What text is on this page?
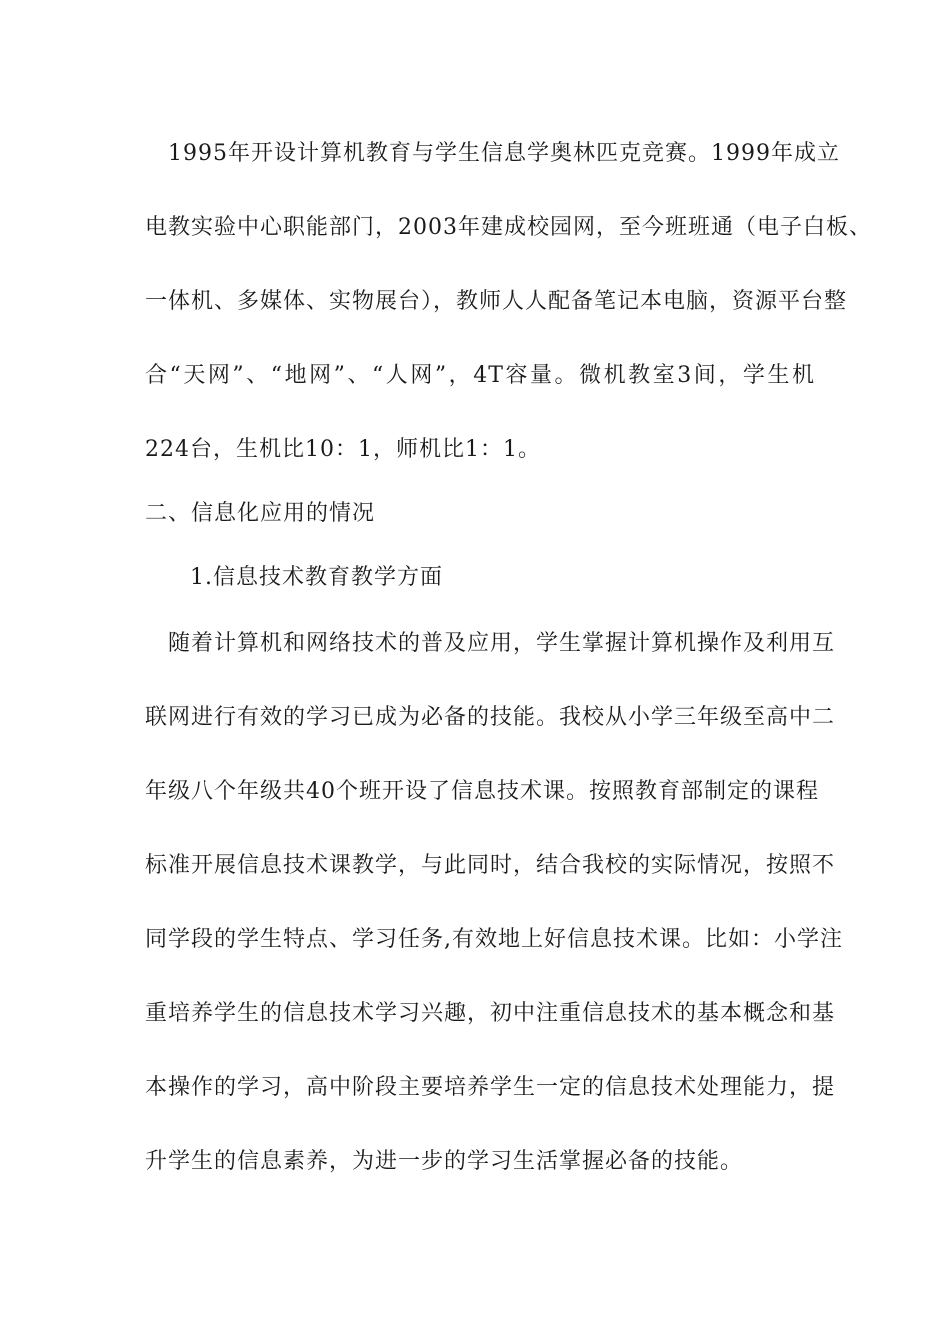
1995年开设计算机教育与学生信息学奥林匹克竞赛。1999年成立
电教实验中心职能部门，2003年建成校园网，至今班班通（电子白板、
一体机、多媒体、实物展台），教师人人配备笔记本电脑，资源平台整
合“天网”、“地网”、“人网”，4T容量。微机教室3间，学生机
224台，生机比10：1，师机比1：1。
二、信息化应用的情况
1.信息技术教育教学方面
随着计算机和网络技术的普及应用，学生掌握计算机操作及利用互
联网进行有效的学习已成为必备的技能。我校从小学三年级至高中二
年级八个年级共40个班开设了信息技术课。按照教育部制定的课程
标准开展信息技术课教学，与此同时，结合我校的实际情况，按照不
同学段的学生特点、学习任务,有效地上好信息技术课。比如：小学注
重培养学生的信息技术学习兴趣，初中注重信息技术的基本概念和基
本操作的学习，高中阶段主要培养学生一定的信息技术处理能力，提
升学生的信息素养，为进一步的学习生活掌握必备的技能。
